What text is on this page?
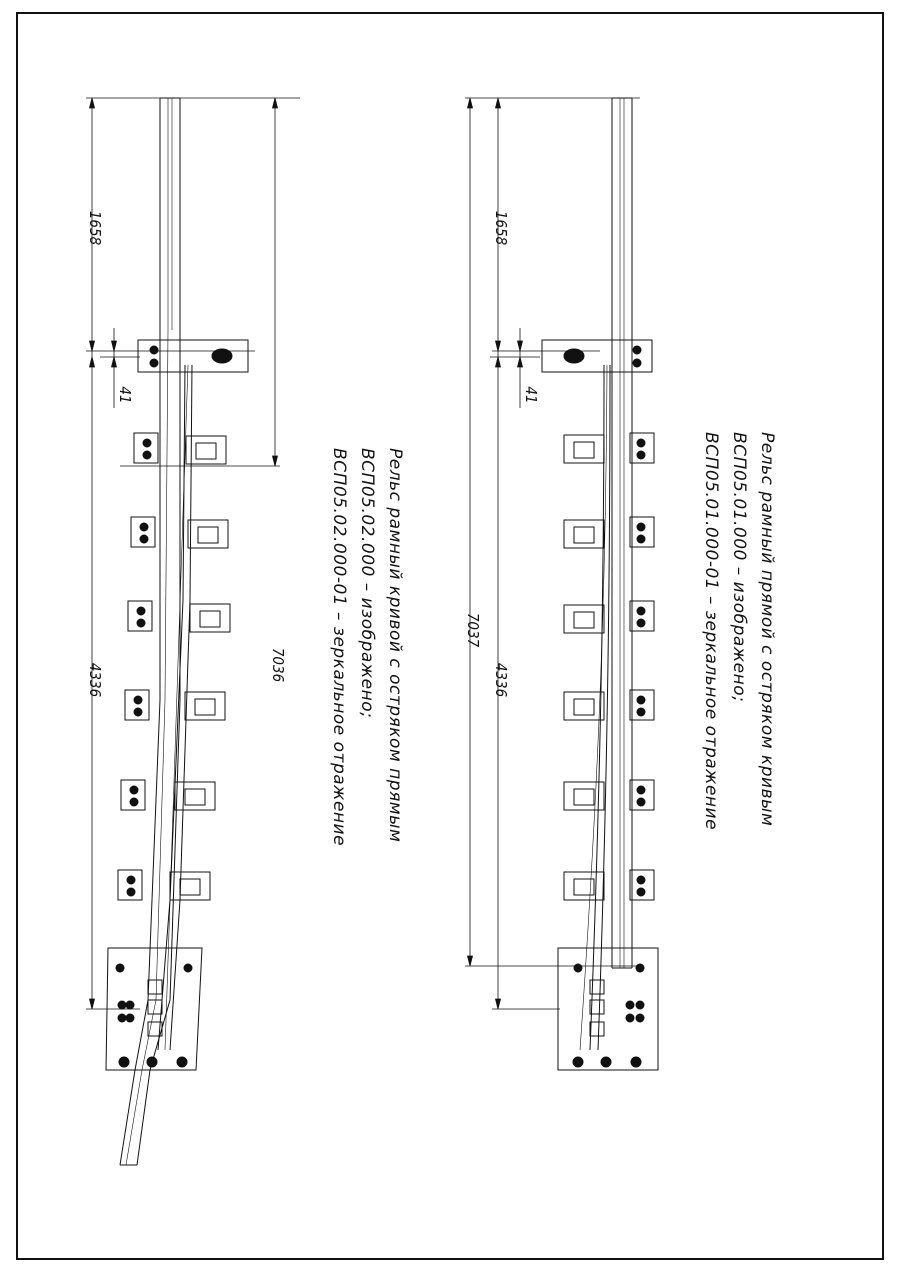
1658
41
4336	7036	Рельс рамный кривой с остряком прямым
ВСП05.02.000 – изображено;
ВСП05.02.000-01 – зеркальное отражение
1658
41
4336
7037	Рельс рамный прямой с остряком кривым
ВСП05.01.000 – изображено;
ВСП05.01.000-01 – зеркальное отражение
